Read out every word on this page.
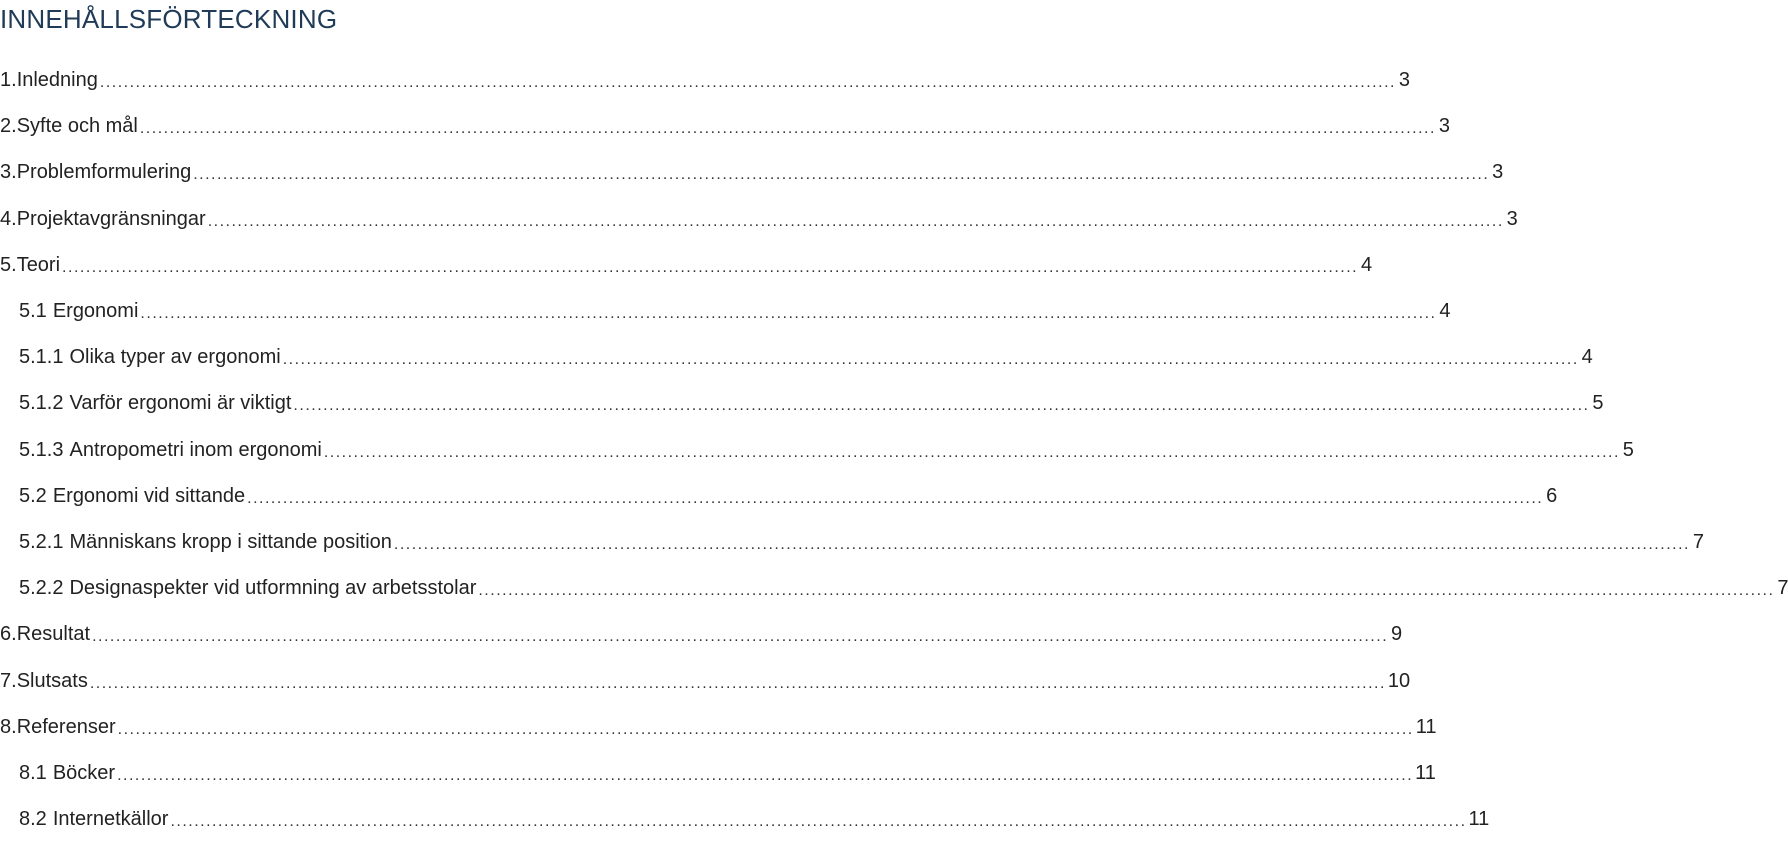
INNEHÅLLSFÖRTECKNING
1. Inledning .....	3
2. Syfte och mål .....	3
3. Problemformulering .....	3
4. Projektavgränsningar .....	3
5. Teori .....	4
5.1 Ergonomi .....	4
5.1.1 Olika typer av ergonomi .....	4
5.1.2 Varför ergonomi är viktigt .....	5
5.1.3 Antropometri inom ergonomi .....	5
5.2 Ergonomi vid sittande .....	6
5.2.1 Människans kropp i sittande position .....	7
5.2.2 Designaspekter vid utformning av arbetsstolar .....	7
6. Resultat .....	9
7. Slutsats .....	10
8. Referenser .....	11
8.1 Böcker .....	11
8.2 Internetkällor .....	11
